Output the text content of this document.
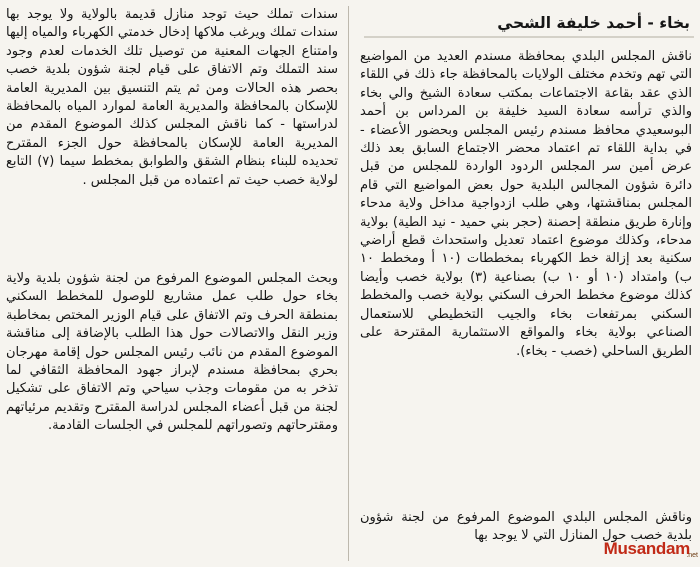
بخاء - أحمد خليفة الشحي

ناقش المجلس البلدي بمحافظة مسندم العديد من المواضيع التي تهم وتخدم مختلف الولايات بالمحافظة جاء ذلك في اللقاء الذي عقد بقاعة الاجتماعات بمكتب سعادة الشيخ والي بخاء والذي ترأسه سعادة السيد خليفة بن المرداس بن أحمد البوسعيدي محافظ مسندم رئيس المجلس وبحضور الأعضاء - في بداية اللقاء تم اعتماد محضر الاجتماع السابق بعد ذلك عرض أمين سر المجلس الردود الواردة للمجلس من قبل دائرة شؤون المجالس البلدية حول بعض المواضيع التي قام المجلس بمناقشتها، وهي طلب ازدواجية مداخل ولاية مدحاء وإنارة طريق منطقة إحصنة (حجر بني حميد - نيد الطية) بولاية مدحاء، وكذلك موضوع اعتماد تعديل واستحداث قطع أراضي سكنية بعد إزالة خط الكهرباء بمخططات (١٠ أ ومخطط ١٠ ب) وامتداد (١٠ أو ١٠ ب) بصناعية (٣) بولاية خصب وأيضا كذلك موضوع مخطط الحرف السكني بولاية خصب والمخطط السكني بمرتفعات بخاء والجيب التخطيطي للاستعمال الصناعي بولاية بخاء والمواقع الاستثمارية المقترحة على الطريق الساحلي (خصب - بخاء).

وناقش المجلس البلدي الموضوع المرفوع من لجنة شؤون بلدية خصب حول المنازل التي لا يوجد بها

سندات تملك حيث توجد منازل قديمة بالولاية ولا يوجد بها سندات تملك ويرغب ملاكها إدخال خدمتي الكهرباء والمياه إليها وامتناع الجهات المعنية من توصيل تلك الخدمات لعدم وجود سند التملك وتم الاتفاق على قيام لجنة شؤون بلدية خصب بحصر هذه الحالات ومن ثم يتم التنسيق بين المديرية العامة للإسكان بالمحافظة والمديرية العامة لموارد المياه بالمحافظة لدراستها - كما ناقش المجلس كذلك الموضوع المقدم من المديرية العامة للإسكان بالمحافظة حول الجزء المقترح تحديده للبناء بنظام الشقق والطوابق بمخطط سيما (٧) التابع لولاية خصب حيث تم اعتماده من قبل المجلس .

وبحث المجلس الموضوع المرفوع من لجنة شؤون بلدية ولاية بخاء حول طلب عمل مشاريع للوصول للمخطط السكني بمنطقة الحرف وتم الاتفاق على قيام الوزير المختص بمخاطبة وزير النقل والاتصالات حول هذا الطلب بالإضافة إلى مناقشة الموضوع المقدم من نائب رئيس المجلس حول إقامة مهرجان بحري بمحافظة مسندم لإبراز جهود المحافظة الثقافي لما تذخر به من مقومات وجذب سياحي وتم الاتفاق على تشكيل لجنة من قبل أعضاء المجلس لدراسة المقترح وتقديم مرئياتهم ومقترحاتهم وتصوراتهم للمجلس في الجلسات القادمة.

Musandam
.net
